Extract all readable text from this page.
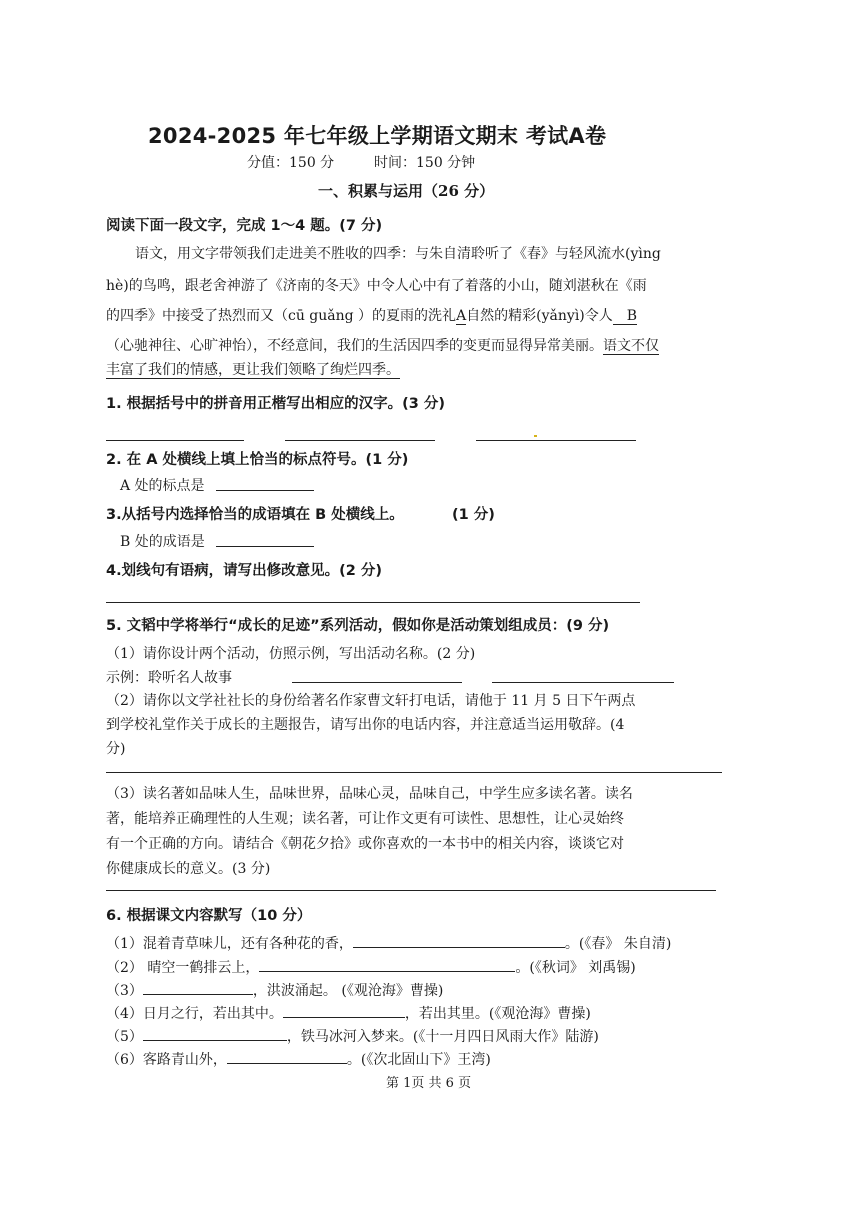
2024-2025 年七年级上学期语文期末 考试A卷
分值：150 分	时间：150 分钟
一、积累与运用（26 分）
阅读下面一段文字，完成 1～4 题。(7 分)
语文，用文字带领我们走进美不胜收的四季：与朱自清聆听了《春》与轻风流水(yìng
hè)的鸟鸣，跟老舍神游了《济南的冬天》中令人心中有了着落的小山，随刘湛秋在《雨
的四季》中接受了热烈而又（cū guǎng ）的夏雨的洗礼A自然的精彩(yǎnyì)令人 B
（心驰神往、心旷神怡），不经意间，我们的生活因四季的变更而显得异常美丽。语文不仅
丰富了我们的情感，更让我们领略了绚烂四季。
1. 根据括号中的拼音用正楷写出相应的汉字。(3 分)
2. 在 A 处横线上填上恰当的标点符号。(1 分)
A 处的标点是
3.从括号内选择恰当的成语填在 B 处横线上。	(1 分)
B 处的成语是
4.划线句有语病，请写出修改意见。(2 分)
5. 文韬中学将举行“成长的足迹”系列活动，假如你是活动策划组成员：(9 分)
（1）请你设计两个活动，仿照示例，写出活动名称。(2 分)
示例：聆听名人故事
（2）请你以文学社社长的身份给著名作家曹文轩打电话，请他于 11 月 5 日下午两点
到学校礼堂作关于成长的主题报告，请写出你的电话内容，并注意适当运用敬辞。(4
分)
（3）读名著如品味人生，品味世界，品味心灵，品味自己，中学生应多读名著。读名
著，能培养正确理性的人生观；读名著，可让作文更有可读性、思想性，让心灵始终
有一个正确的方向。请结合《朝花夕拾》或你喜欢的一本书中的相关内容，谈谈它对
你健康成长的意义。(3 分)
6. 根据课文内容默写（10 分）
（1）混着青草味儿，还有各种花的香，	。(《春》 朱自清)
（2） 晴空一鹤排云上，	。(《秋词》 刘禹锡)
（3）	，洪波涌起。 (《观沧海》曹操)
（4）日月之行，若出其中。	，若出其里。(《观沧海》曹操)
（5）	，铁马冰河入梦来。(《十一月四日风雨大作》陆游)
（6）客路青山外，	。(《次北固山下》王湾)
第 1页 共 6 页
